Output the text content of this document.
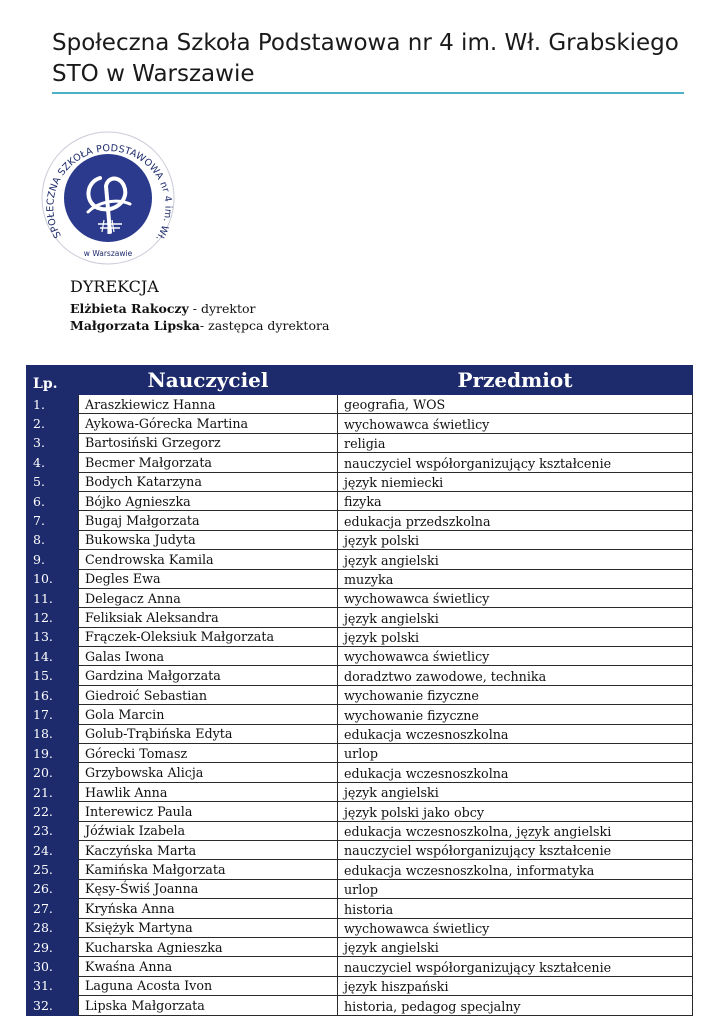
Społeczna Szkoła Podstawowa nr 4 im. Wł. Grabskiego
STO w Warszawie
SPOŁECZNA SZKOŁA PODSTAWOWA nr 4 im. Wł.
w Warszawie
DYREKCJA
Elżbieta Rakoczy - dyrektor
Małgorzata Lipska- zastępca dyrektora
Lp.	Nauczyciel	Przedmiot
1.	Araszkiewicz Hanna	geografia, WOS
2.	Aykowa-Górecka Martina	wychowawca świetlicy
3.	Bartosiński Grzegorz	religia
4.	Becmer Małgorzata	nauczyciel współorganizujący kształcenie
5.	Bodych Katarzyna	język niemiecki
6.	Bójko Agnieszka	fizyka
7.	Bugaj Małgorzata	edukacja przedszkolna
8.	Bukowska Judyta	język polski
9.	Cendrowska Kamila	język angielski
10.	Degles Ewa	muzyka
11.	Delegacz Anna	wychowawca świetlicy
12.	Feliksiak Aleksandra	język angielski
13.	Frączek-Oleksiuk Małgorzata	język polski
14.	Galas Iwona	wychowawca świetlicy
15.	Gardzina Małgorzata	doradztwo zawodowe, technika
16.	Giedroić Sebastian	wychowanie fizyczne
17.	Gola Marcin	wychowanie fizyczne
18.	Golub-Trąbińska Edyta	edukacja wczesnoszkolna
19.	Górecki Tomasz	urlop
20.	Grzybowska Alicja	edukacja wczesnoszkolna
21.	Hawlik Anna	język angielski
22.	Interewicz Paula	język polski jako obcy
23.	Jóźwiak Izabela	edukacja wczesnoszkolna, język angielski
24.	Kaczyńska Marta	nauczyciel współorganizujący kształcenie
25.	Kamińska Małgorzata	edukacja wczesnoszkolna, informatyka
26.	Kęsy-Świś Joanna	urlop
27.	Kryńska Anna	historia
28.	Księżyk Martyna	wychowawca świetlicy
29.	Kucharska Agnieszka	język angielski
30.	Kwaśna Anna	nauczyciel współorganizujący kształcenie
31.	Laguna Acosta Ivon	język hiszpański
32.	Lipska Małgorzata	historia, pedagog specjalny
